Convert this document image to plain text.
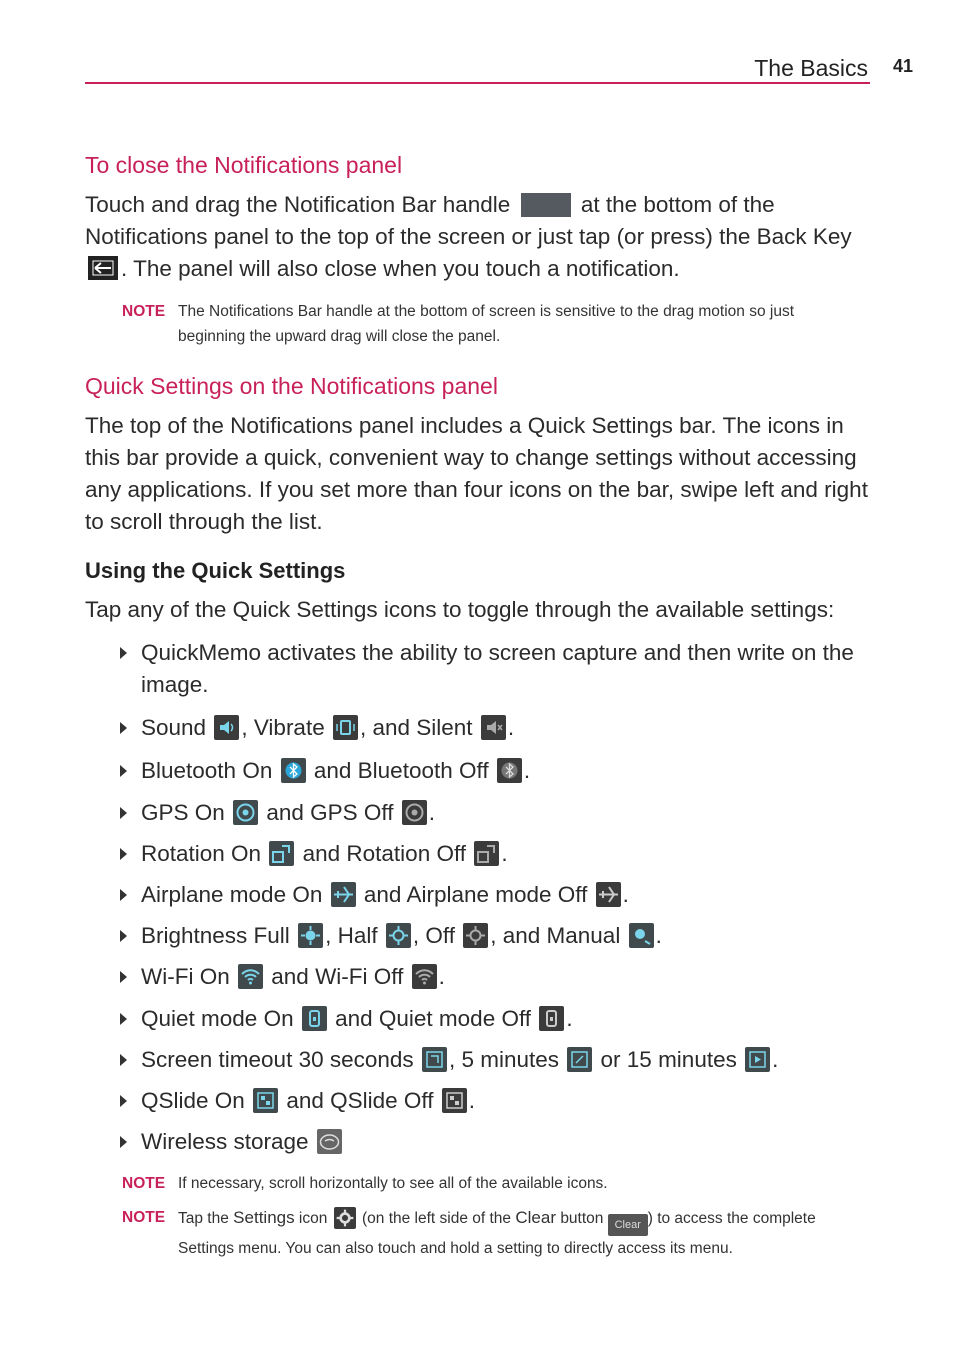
The Basics 41
To close the Notifications panel

Touch and drag the Notification Bar handle	at the bottom of the Notifications panel to the top of the screen or just tap (or press) the Back Key . The panel will also close when you touch a notification.

NOTE The Notifications Bar handle at the bottom of screen is sensitive to the drag motion so just beginning the upward drag will close the panel.
Quick Settings on the Notifications panel

The top of the Notifications panel includes a Quick Settings bar. The icons in this bar provide a quick, convenient way to change settings without accessing any applications. If you set more than four icons on the bar, swipe left and right to scroll through the list.

Using the Quick Settings

Tap any of the Quick Settings icons to toggle through the available settings:

QuickMemo activates the ability to screen capture and then write on the image.
Sound , Vibrate , and Silent .
Bluetooth On and Bluetooth Off .
GPS On and GPS Off .
Rotation On and Rotation Off .
Airplane mode On and Airplane mode Off .
Brightness Full , Half , Off , and Manual .
Wi-Fi On and Wi-Fi Off .
Quiet mode On and Quiet mode Off .
Screen timeout 30 seconds , 5 minutes or 15 minutes .
QSlide On and QSlide Off .
Wireless storage
NOTE If necessary, scroll horizontally to see all of the available icons.
NOTE Tap the Settings icon (on the left side of the Clear button Clear ) to access the complete Settings menu. You can also touch and hold a setting to directly access its menu.
